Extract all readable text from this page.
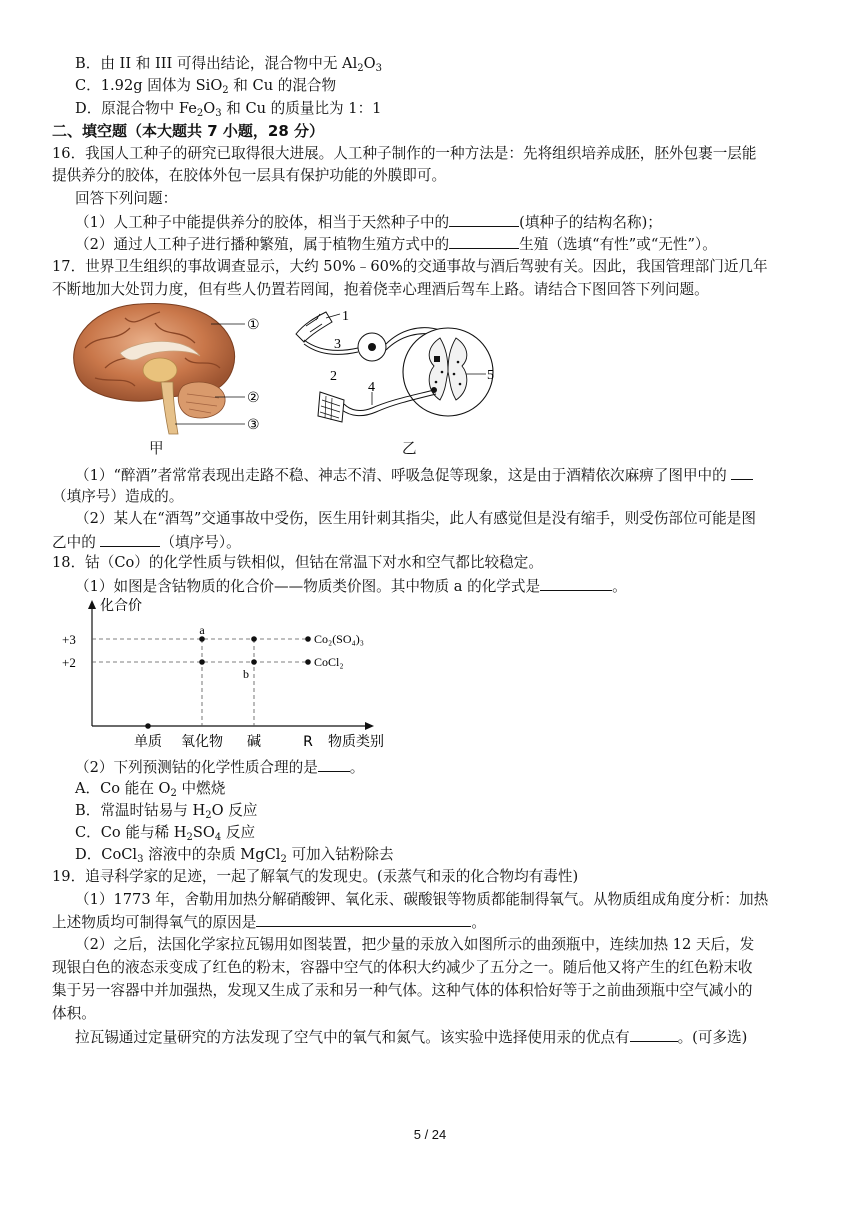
B．由 II 和 III 可得出结论，混合物中无 $Al_2O_3$
C．1.92g 固体为 SiO$_2$ 和 Cu 的混合物
D．原混合物中 $Fe_2O_3$ 和 Cu 的质量比为 1：1
二、填空题（本大题共 7 小题，28 分）
16．我国人工种子的研究已取得很大进展。人工种子制作的一种方法是：先将组织培养成胚，胚外包裹一层能
提供养分的胶体，在胶体外包一层具有保护功能的外膜即可。
回答下列问题：
（1）人工种子中能提供养分的胶体，相当于天然种子中的	(填种子的结构名称)；
（2）通过人工种子进行播种繁殖，属于植物生殖方式中的	生殖（选填“有性”或“无性”）。
17．世界卫生组织的事故调查显示，大约 50%﹣60%的交通事故与酒后驾驶有关。因此，我国管理部门近几年
不断地加大处罚力度，但有些人仍置若罔闻，抱着侥幸心理酒后驾车上路。请结合下图回答下列问题。
①
②
③
1
3
5
4
2
甲	乙
（1）“醉酒”者常常表现出走路不稳、神志不清、呼吸急促等现象，这是由于酒精依次麻痹了图甲中的
（填序号）造成的。
（2）某人在“酒驾”交通事故中受伤，医生用针刺其指尖，此人有感觉但是没有缩手，则受伤部位可能是图
乙中的	（填序号）。
18．钴（Co）的化学性质与铁相似，但钴在常温下对水和空气都比较稳定。
（1）如图是含钴物质的化合价——物质类价图。其中物质 a 的化学式是	。
化合价
+3
+2
单质 氧化物 碱	R 物质类别
a
b
Co₂(SO₄)₃
CoCl₂
（2）下列预测钴的化学性质合理的是 。
A．Co 能在 $O_2$ 中燃烧
B．常温时钴易与 $H_2O$ 反应
C．Co 能与稀 $H_2SO_4$ 反应
D．CoCl$_3$ 溶液中的杂质 MgCl$_2$ 可加入钴粉除去
19．追寻科学家的足迹，一起了解氧气的发现史。(汞蒸气和汞的化合物均有毒性)
（1）1773 年，舍勒用加热分解硝酸钾、氧化汞、碳酸银等物质都能制得氧气。从物质组成角度分析：加热
上述物质均可制得氧气的原因是	。
（2）之后，法国化学家拉瓦锡用如图装置，把少量的汞放入如图所示的曲颈瓶中，连续加热 12 天后，发
现银白色的液态汞变成了红色的粉末，容器中空气的体积大约减少了五分之一。随后他又将产生的红色粉末收
集于另一容器中并加强热，发现又生成了汞和另一种气体。这种气体的体积恰好等于之前曲颈瓶中空气减小的
体积。
拉瓦锡通过定量研究的方法发现了空气中的氧气和氮气。该实验中选择使用汞的优点有	。(可多选)
5 / 24
